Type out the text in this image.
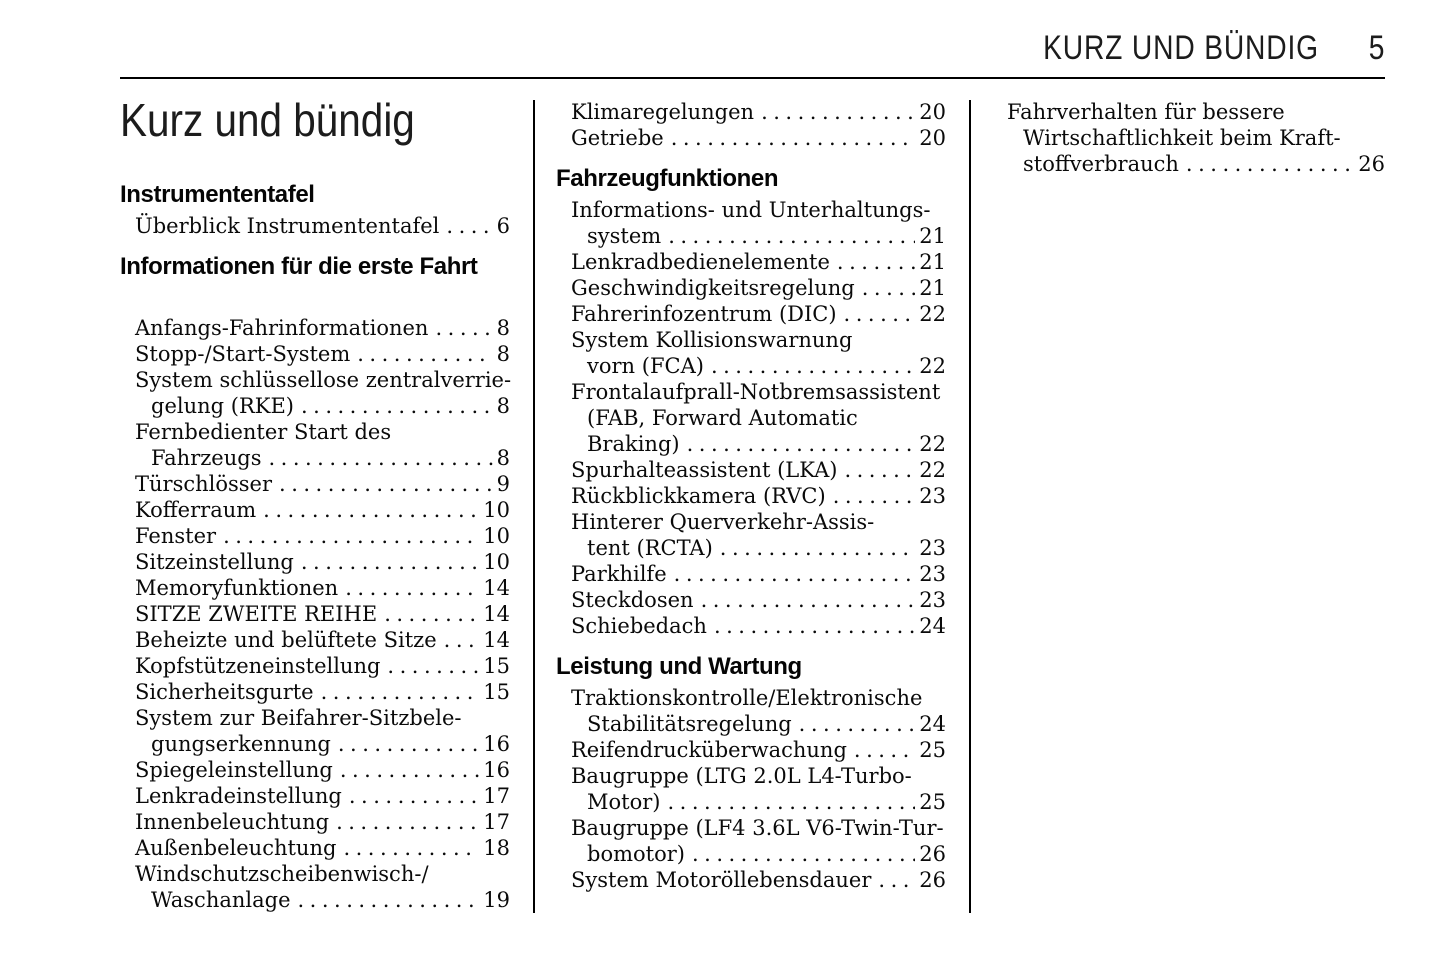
KURZ UND BÜNDIG 5
Kurz und bündig
Instrumententafel
Überblick Instrumententafel .....	6
Informationen für die erste Fahrt
Anfangs-Fahrinformationen .....	8
Stopp-/Start-System .....	8
System schlüssellose zentralverrie-
gelung (RKE) .....	8
Fernbedienter Start des
Fahrzeugs .....	8
Türschlösser .....	9
Kofferraum .....	10
Fenster .....	10
Sitzeinstellung .....	10
Memoryfunktionen .....	14
SITZE ZWEITE REIHE .....	14
Beheizte und belüftete Sitze ..... 14
Kopfstützeneinstellung .....	15
Sicherheitsgurte .....	15
System zur Beifahrer-Sitzbele-
gungserkennung .....	16
Spiegeleinstellung .....	16
Lenkradeinstellung .....	17
Innenbeleuchtung .....	17
Außenbeleuchtung .....	18
Windschutzscheibenwisch-/
Waschanlage .....	19
Klimaregelungen .....	20
Getriebe .....	20
Fahrzeugfunktionen
Informations- und Unterhaltungs-
system .....	21
Lenkradbedienelemente .....	21
Geschwindigkeitsregelung .....	21
Fahrerinfozentrum (DIC) .....	22
System Kollisionswarnung
vorn (FCA) .....	22
Frontalaufprall-Notbremsassistent
(FAB, Forward Automatic
Braking) .....	22
Spurhalteassistent (LKA) .....	22
Rückblickkamera (RVC) .....	23
Hinterer Querverkehr-Assis-
tent (RCTA) .....	23
Parkhilfe .....	23
Steckdosen .....	23
Schiebedach .....	24
Leistung und Wartung
Traktionskontrolle/Elektronische
Stabilitätsregelung .....	24
Reifendrucküberwachung .....	25
Baugruppe (LTG 2.0L L4-Turbo-
Motor) .....	25
Baugruppe (LF4 3.6L V6-Twin-Tur-
bomotor) .....	26
System Motoröllebensdauer ..... 26
Fahrverhalten für bessere
Wirtschaftlichkeit beim Kraft-
stoffverbrauch .....	26
